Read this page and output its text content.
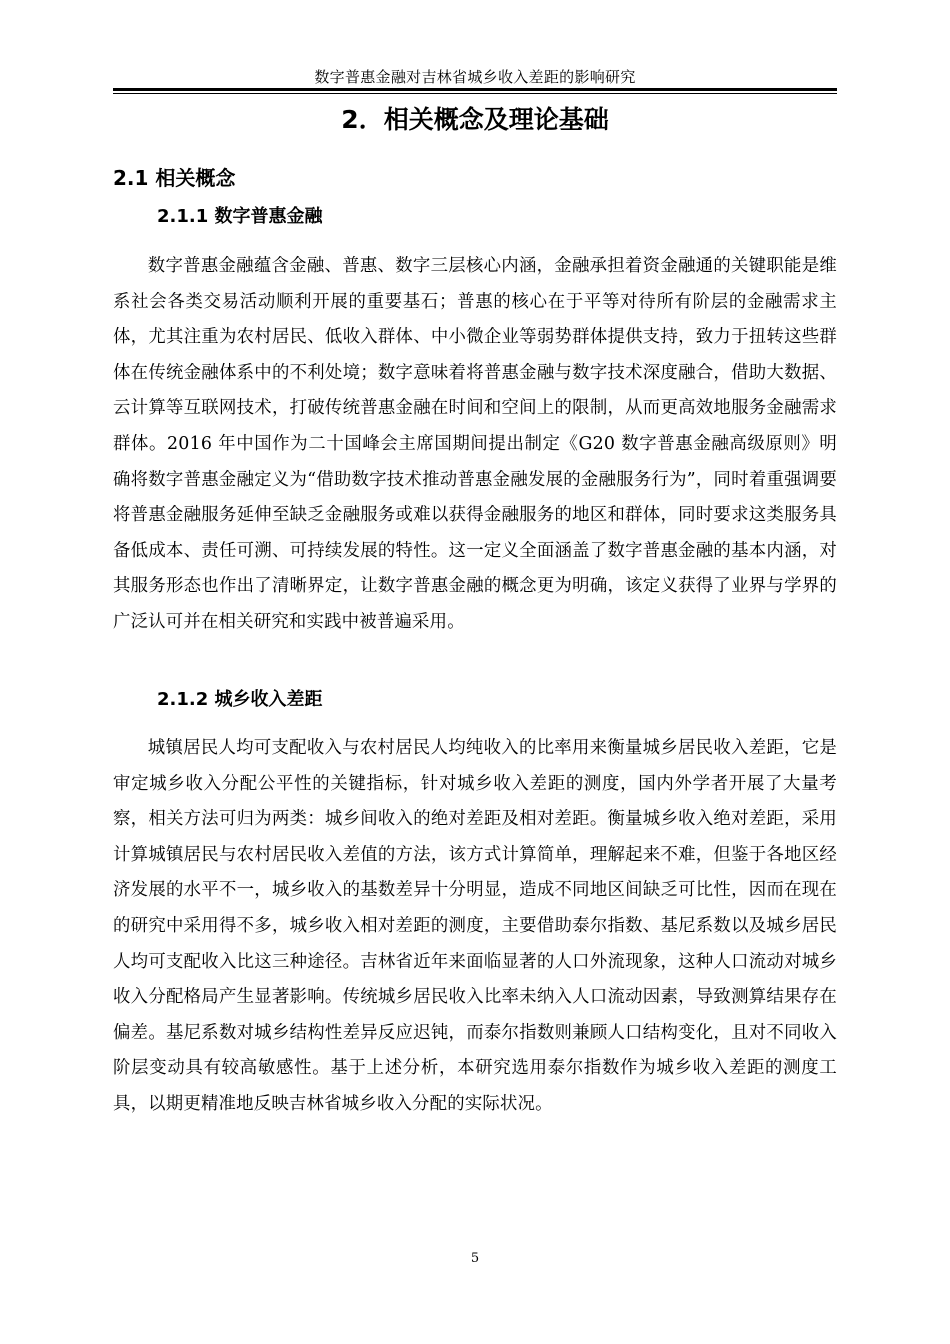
数字普惠金融对吉林省城乡收入差距的影响研究
2．相关概念及理论基础
2.1 相关概念
2.1.1 数字普惠金融

数字普惠金融蕴含金融、普惠、数字三层核心内涵，金融承担着资金融通的关键职能是维系社会各类交易活动顺利开展的重要基石；普惠的核心在于平等对待所有阶层的金融需求主体，尤其注重为农村居民、低收入群体、中小微企业等弱势群体提供支持，致力于扭转这些群体在传统金融体系中的不利处境；数字意味着将普惠金融与数字技术深度融合，借助大数据、云计算等互联网技术，打破传统普惠金融在时间和空间上的限制，从而更高效地服务金融需求群体。2016 年中国作为二十国峰会主席国期间提出制定《G20 数字普惠金融高级原则》明确将数字普惠金融定义为“借助数字技术推动普惠金融发展的金融服务行为”，同时着重强调要将普惠金融服务延伸至缺乏金融服务或难以获得金融服务的地区和群体，同时要求这类服务具备低成本、责任可溯、可持续发展的特性。这一定义全面涵盖了数字普惠金融的基本内涵，对其服务形态也作出了清晰界定，让数字普惠金融的概念更为明确，该定义获得了业界与学界的广泛认可并在相关研究和实践中被普遍采用。

2.1.2 城乡收入差距

城镇居民人均可支配收入与农村居民人均纯收入的比率用来衡量城乡居民收入差距，它是审定城乡收入分配公平性的关键指标，针对城乡收入差距的测度，国内外学者开展了大量考察，相关方法可归为两类：城乡间收入的绝对差距及相对差距。衡量城乡收入绝对差距，采用计算城镇居民与农村居民收入差值的方法，该方式计算简单，理解起来不难，但鉴于各地区经济发展的水平不一，城乡收入的基数差异十分明显，造成不同地区间缺乏可比性，因而在现在的研究中采用得不多，城乡收入相对差距的测度，主要借助泰尔指数、基尼系数以及城乡居民人均可支配收入比这三种途径。吉林省近年来面临显著的人口外流现象，这种人口流动对城乡收入分配格局产生显著影响。传统城乡居民收入比率未纳入人口流动因素，导致测算结果存在偏差。基尼系数对城乡结构性差异反应迟钝，而泰尔指数则兼顾人口结构变化，且对不同收入阶层变动具有较高敏感性。基于上述分析，本研究选用泰尔指数作为城乡收入差距的测度工具，以期更精准地反映吉林省城乡收入分配的实际状况。

5
